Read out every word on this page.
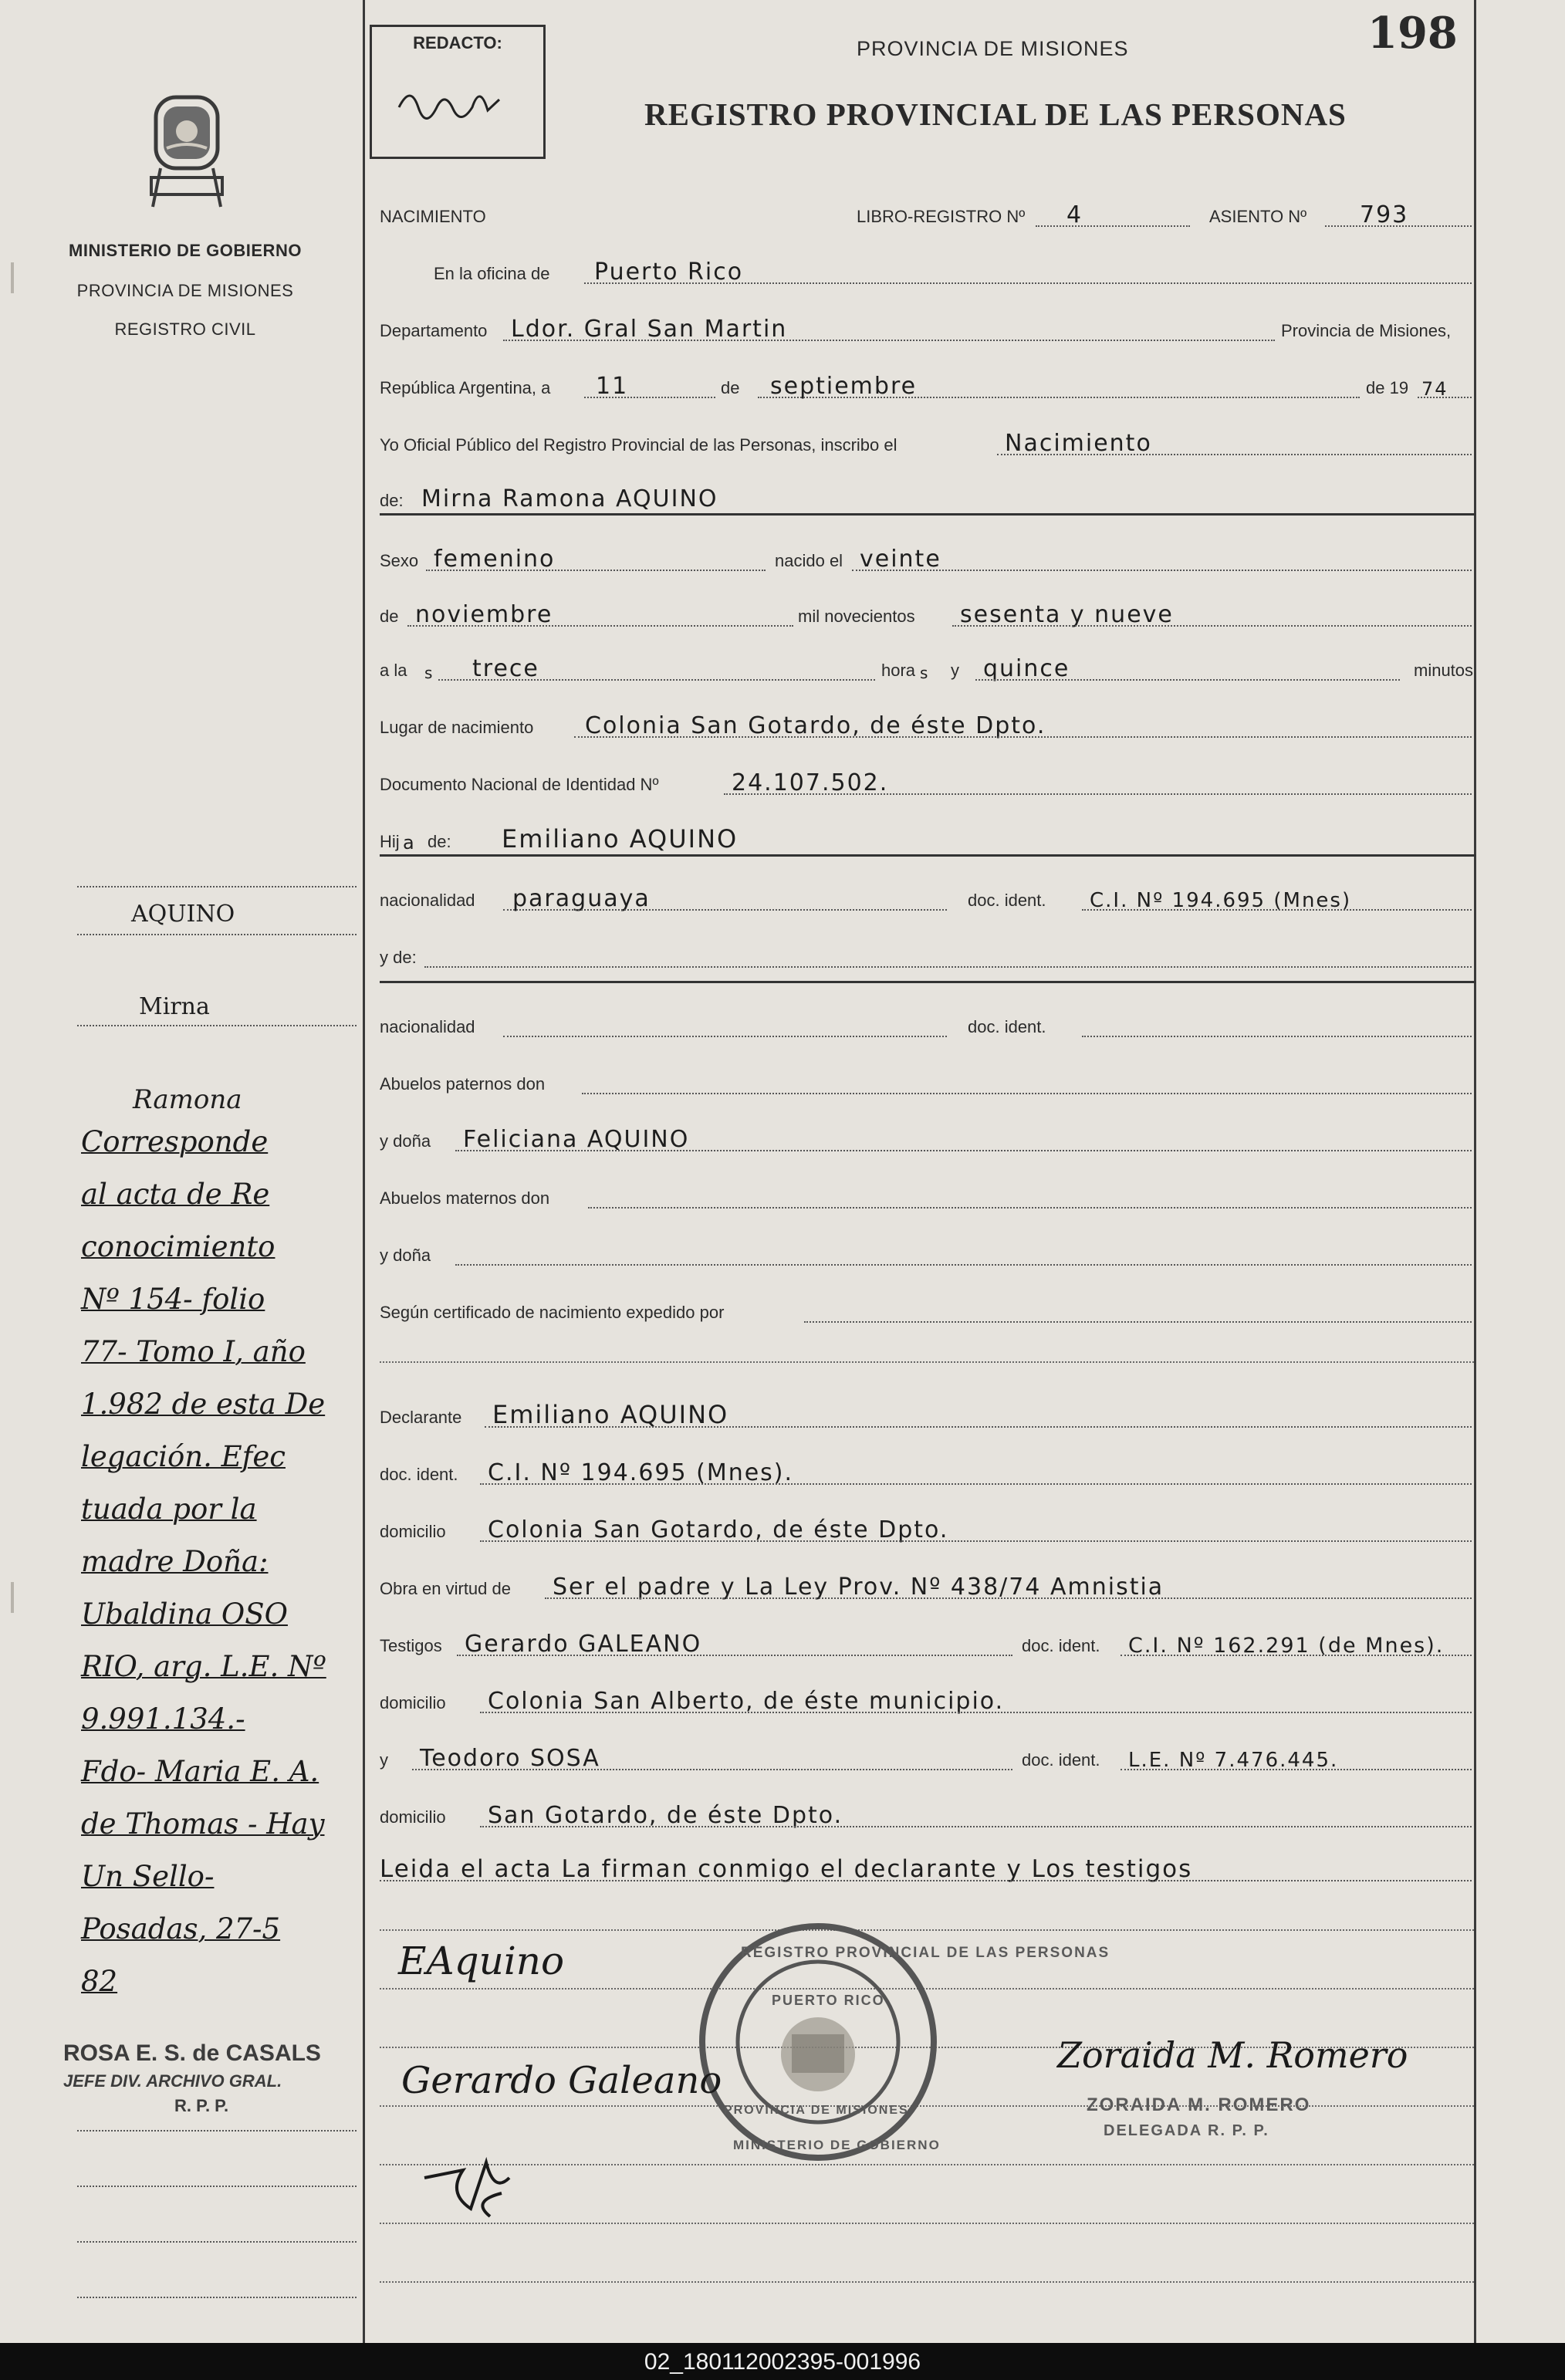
MINISTERIO DE GOBIERNO
PROVINCIA DE MISIONES
REGISTRO CIVIL
AQUINO
Mirna
Ramona
Corresponde
al acta de Re
conocimiento
Nº 154- folio
77- Tomo I, año
1.982 de esta De
legación. Efec
tuada por la
madre Doña:
Ubaldina OSO
RIO, arg. L.E. Nº
9.991.134.-
Fdo- Maria E. A.
de Thomas - Hay
Un Sello-
Posadas, 27-5
82
ROSA E. S. de CASALS
JEFE DIV. ARCHIVO GRAL.
R. P. P.
REDACTO:	PROVINCIA DE MISIONES	198
REGISTRO PROVINCIAL DE LAS PERSONAS
NACIMIENTO	LIBRO-REGISTRO Nº 4	ASIENTO Nº 793
En la oficina de Puerto Rico
Departamento Ldor. Gral San Martin	Provincia de Misiones,
República Argentina, a 11	de septiembre	de 19 74
Yo Oficial Público del Registro Provincial de las Personas, inscribo el	Nacimiento
de: Mirna Ramona AQUINO
Sexo femenino	nacido el veinte
de noviembre	mil novecientos sesenta y nueve
a la s trece	hora s y quince	minutos
Lugar de nacimiento Colonia San Gotardo, de éste Dpto.
Documento Nacional de Identidad Nº	24.107.502.
Hij a de: Emiliano AQUINO
nacionalidad paraguaya	doc. ident. C.I. Nº 194.695 (Mnes)
y de:
nacionalidad	doc. ident.
Abuelos paternos don
y doña Feliciana AQUINO
Abuelos maternos don
y doña
Según certificado de nacimiento expedido por
Declarante Emiliano AQUINO
doc. ident. C.I. Nº 194.695 (Mnes).
domicilio Colonia San Gotardo, de éste Dpto.
Obra en virtud de Ser el padre y La Ley Prov. Nº 438/74 Amnistia
Testigos Gerardo GALEANO	doc. ident. C.I. Nº 162.291 (de Mnes).
domicilio Colonia San Alberto, de éste municipio.
y Teodoro SOSA	doc. ident. L.E. Nº 7.476.445.
domicilio San Gotardo, de éste Dpto.
Leida el acta La firman conmigo el declarante y Los testigos
REGISTRO PROVINCIAL DE LAS PERSONAS
PUERTO RICO
PROVINCIA DE MISIONES
MINISTERIO DE GOBIERNO
EAquino
Gerardo Galeano
Zoraida M. Romero
ZORAIDA M. ROMERO
DELEGADA R. P. P.
02_180112002395-001996
